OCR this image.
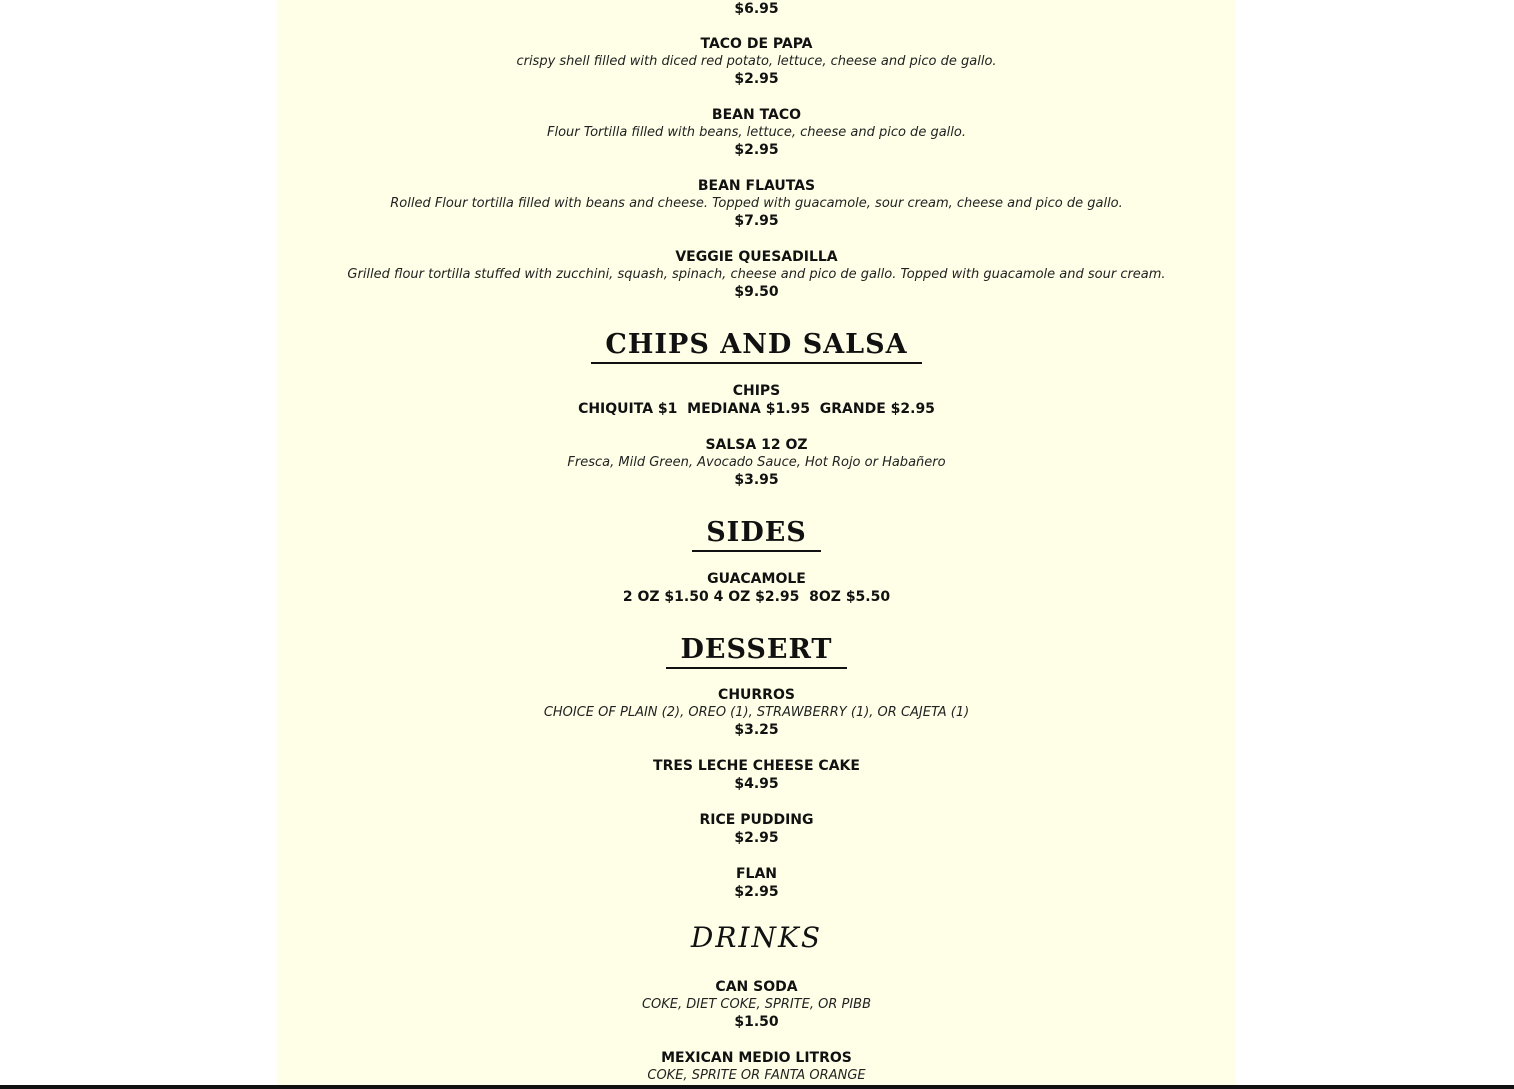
$6.95
TACO DE PAPA
crispy shell filled with diced red potato, lettuce, cheese and pico de gallo.
$2.95
BEAN TACO
Flour Tortilla filled with beans, lettuce, cheese and pico de gallo.
$2.95
BEAN FLAUTAS
Rolled Flour tortilla filled with beans and cheese. Topped with guacamole, sour cream, cheese and pico de gallo.
$7.95
VEGGIE QUESADILLA
Grilled flour tortilla stuffed with zucchini, squash, spinach, cheese and pico de gallo. Topped with guacamole and sour cream.
$9.50
CHIPS AND SALSA
CHIPS
CHIQUITA $1  MEDIANA $1.95  GRANDE $2.95
SALSA 12 OZ
Fresca, Mild Green, Avocado Sauce, Hot Rojo or Habañero
$3.95
SIDES
GUACAMOLE
2 OZ $1.50 4 OZ $2.95  8OZ $5.50
DESSERT
CHURROS
CHOICE OF PLAIN (2), OREO (1), STRAWBERRY (1), OR CAJETA (1)
$3.25
TRES LECHE CHEESE CAKE
$4.95
RICE PUDDING
$2.95
FLAN
$2.95
DRINKS
CAN SODA
COKE, DIET COKE, SPRITE, OR PIBB
$1.50
MEXICAN MEDIO LITROS
COKE, SPRITE OR FANTA ORANGE
